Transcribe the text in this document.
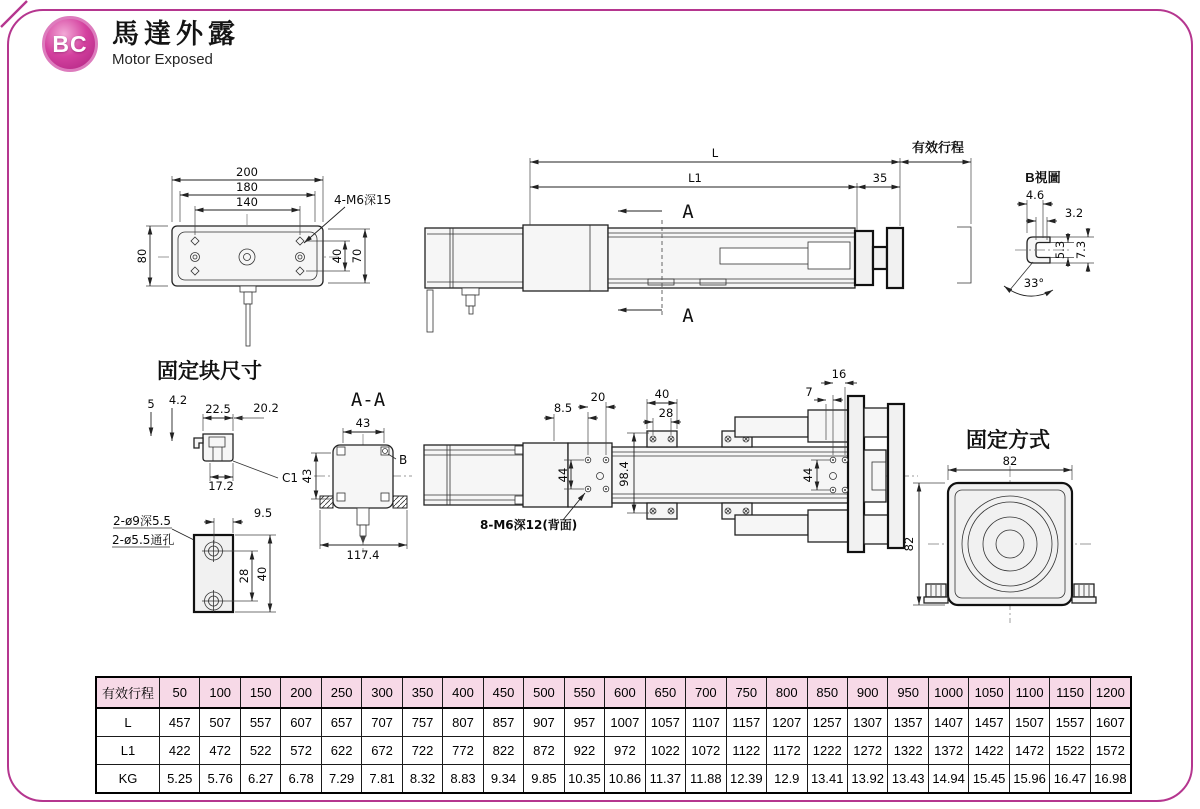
BC 馬達外露
Motor Exposed
200
180
140	4-M6深15
80	40 70
A
A
L
L1	35
有效行程
B視圖
4.6
3.2
5.3 7.3
33°
固定块尺寸
5 4.2
22.5 20.2
17.2
C1
2-ø9深5.5
2-ø5.5通孔
9.5
28 40
A-A
B
43
43
117.4
8.5
20
44
40
28
98.4	44
7
16
8-M6深12(背面)
固定方式
82
82
有效行程	50	100	150	200	250	300	350	400	450	500	550	600	650	700	750	800	850	900	950	1000	1050	1100	1150	1200
L	457	507	557	607	657	707	757	807	857	907	957	1007	1057	1107	1157	1207	1257	1307	1357	1407	1457	1507	1557	1607
L1	422	472	522	572	622	672	722	772	822	872	922	972	1022	1072	1122	1172	1222	1272	1322	1372	1422	1472	1522	1572
KG	5.25	5.76	6.27	6.78	7.29	7.81	8.32	8.83	9.34	9.85	10.35	10.86	11.37	11.88	12.39	12.9	13.41	13.92	13.43	14.94	15.45	15.96	16.47	16.98
